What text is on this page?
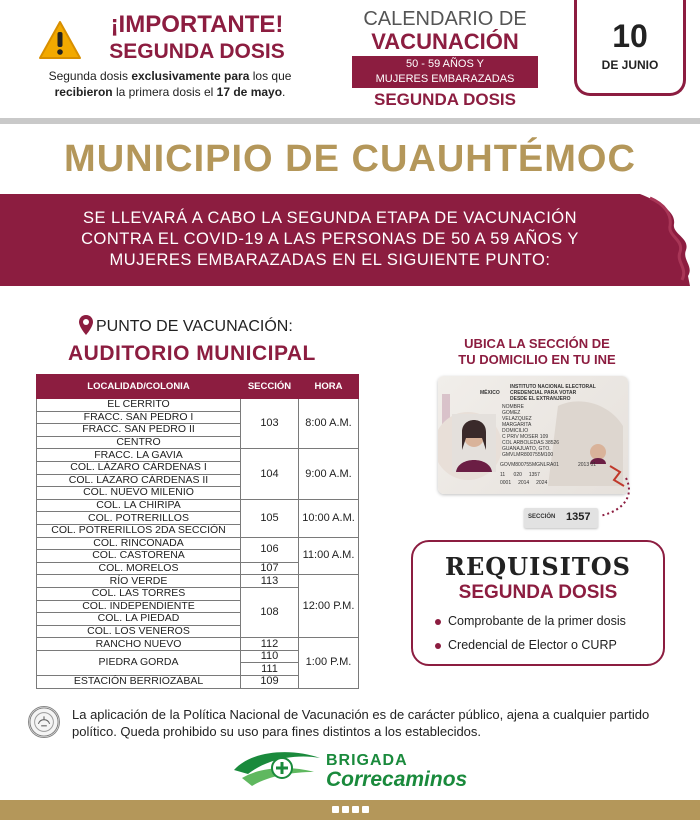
¡IMPORTANTE!
SEGUNDA DOSIS
Segunda dosis exclusivamente para los que recibieron la primera dosis el 17 de mayo.
CALENDARIO DE
VACUNACIÓN
50 - 59 AÑOS Y
MUJERES EMBARAZADAS
SEGUNDA DOSIS
10
DE JUNIO
MUNICIPIO DE CUAUHTÉMOC
SE LLEVARÁ A CABO LA SEGUNDA ETAPA DE VACUNACIÓN
CONTRA EL COVID-19 A LAS PERSONAS DE 50 A 59 AÑOS Y
MUJERES EMBARAZADAS EN EL SIGUIENTE PUNTO:
PUNTO DE VACUNACIÓN:
AUDITORIO MUNICIPAL
LOCALIDAD/COLONIA	SECCIÓN	HORA
EL CERRITO	103	8:00 A.M.
FRACC. SAN PEDRO I		
FRACC. SAN PEDRO II		
CENTRO		
FRACC. LA GAVIA	104	9:00 A.M.
COL. LÁZARO CÁRDENAS I		
COL. LÁZARO CÁRDENAS II		
COL. NUEVO MILENIO		
COL. LA CHIRIPA	105	10:00 A.M.
COL. POTRERILLOS		
COL. POTRERILLOS 2DA SECCIÓN		
COL. RINCONADA	106	11:00 A.M.
COL. CASTORENA		
COL. MORELOS	107	
RÍO VERDE	113	12:00 P.M.
COL. LAS TORRES	108	
COL. INDEPENDIENTE		
COL. LA PIEDAD		
COL. LOS VENEROS		
RANCHO NUEVO	112	1:00 P.M.
PIEDRA GORDA	110	
	111	
ESTACIÓN BERRIOZÁBAL	109	
UBICA LA SECCIÓN DE
TU DOMICILIO EN TU INE
MÉXICO
INSTITUTO NACIONAL ELECTORAL
CREDENCIAL PARA VOTAR
DESDE EL EXTRANJERO
NOMBRE
GOMEZ
VELAZQUEZ
MARGARITA
DOMICILIO
C PRIV MOSER 109
COL ARBOLEDAS 38526
GUANAJUATO, GTO.
GMVLMR800755M100
GOVM800755MGNLRA01	2013 01
11 020 1357
0001 2014 2024
SECCIÓN 1357
REQUISITOS
SEGUNDA DOSIS
Comprobante de la primer dosis
Credencial de Elector o CURP
La aplicación de la Política Nacional de Vacunación es de carácter público, ajena a cualquier partido político. Queda prohibido su uso para fines distintos a los establecidos.
BRIGADA
Correcaminos
